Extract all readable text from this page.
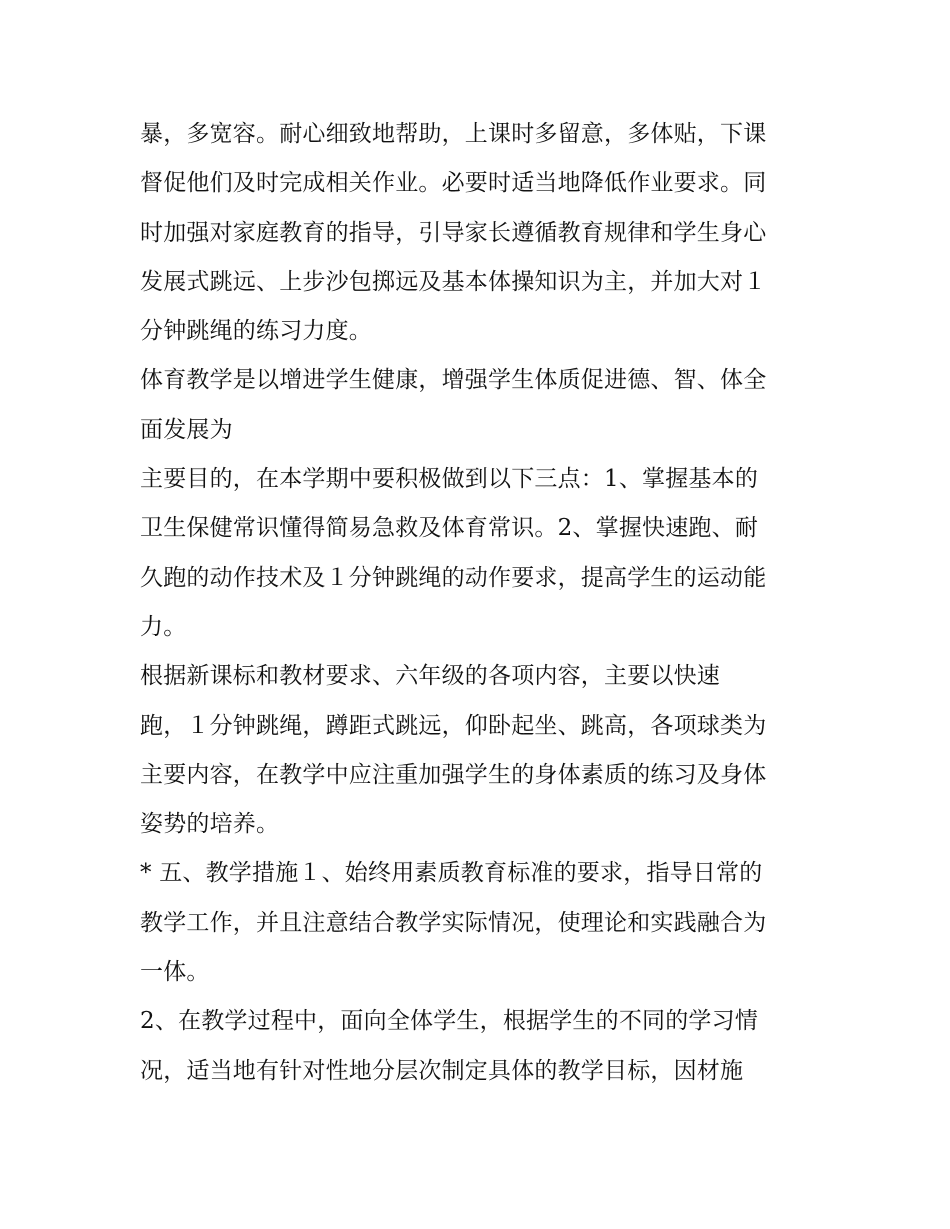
暴，多宽容。耐心细致地帮助，上课时多留意，多体贴，下课
督促他们及时完成相关作业。必要时适当地降低作业要求。同
时加强对家庭教育的指导，引导家长遵循教育规律和学生身心
发展式跳远、上步沙包掷远及基本体操知识为主，并加大对１
分钟跳绳的练习力度。
体育教学是以增进学生健康，增强学生体质促进德、智、体全
面发展为
主要目的，在本学期中要积极做到以下三点：1、掌握基本的
卫生保健常识懂得简易急救及体育常识。2、掌握快速跑、耐
久跑的动作技术及１分钟跳绳的动作要求，提高学生的运动能
力。
根据新课标和教材要求、六年级的各项内容，主要以快速
跑，１分钟跳绳，蹲距式跳远，仰卧起坐、跳高，各项球类为
主要内容，在教学中应注重加强学生的身体素质的练习及身体
姿势的培养。
* 五、教学措施１、始终用素质教育标准的要求，指导日常的
教学工作，并且注意结合教学实际情况，使理论和实践融合为
一体。
2、在教学过程中，面向全体学生，根据学生的不同的学习情
况，适当地有针对性地分层次制定具体的教学目标，因材施
